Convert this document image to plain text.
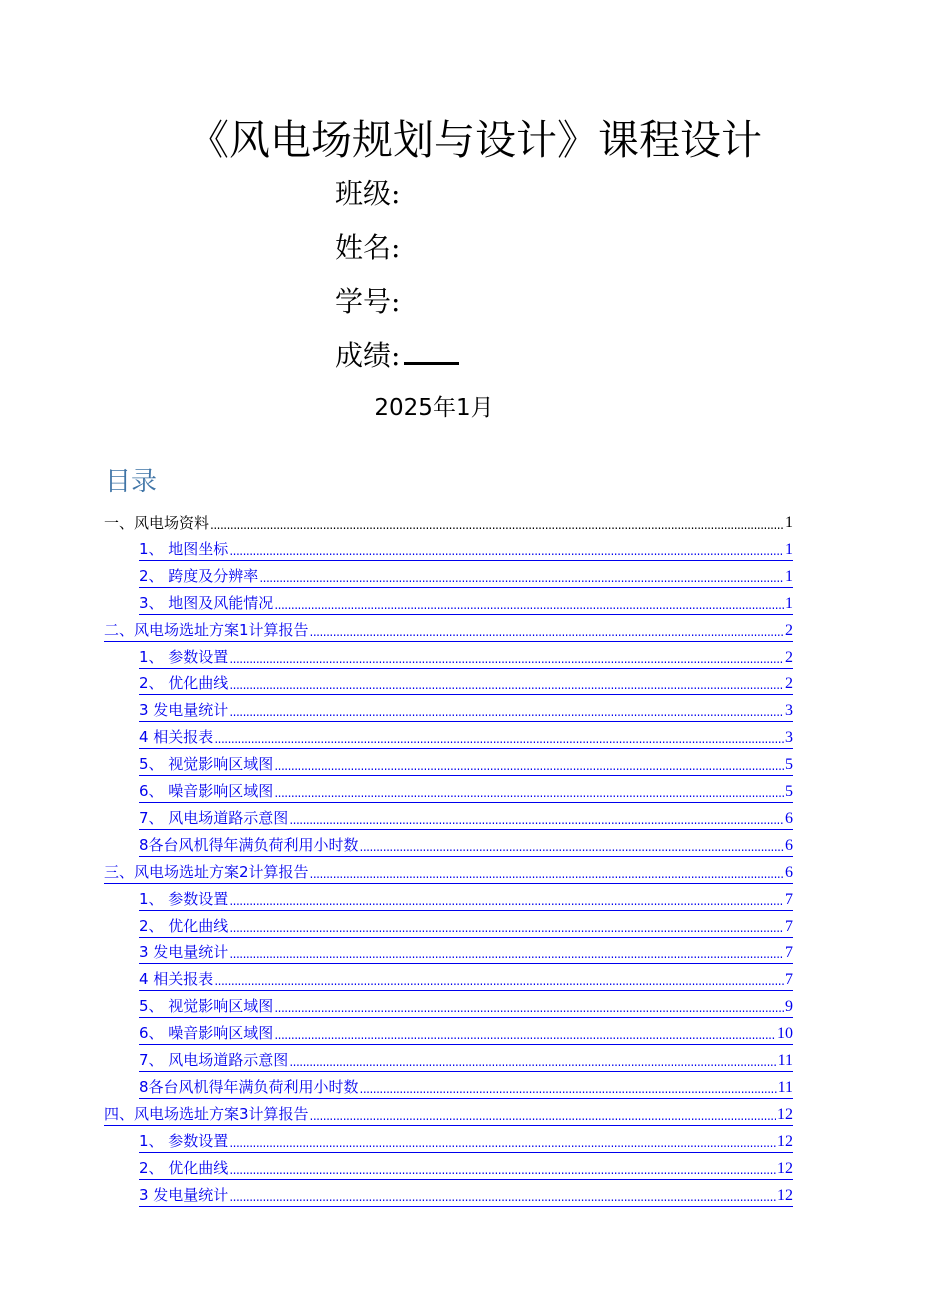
《风电场规划与设计》课程设计
班级:
姓名:
学号:
成绩:
2025年1月
目录
一、风电场资料 .....	1
1、 地图坐标 .....	1
2、 跨度及分辨率 .....	1
3、 地图及风能情况 .....	1
二、风电场选址方案1计算报告 .....	2
1、 参数设置 .....	2
2、 优化曲线 .....	2
3 发电量统计 .....	3
4 相关报表 .....	3
5、 视觉影响区域图 .....	5
6、 噪音影响区域图 .....	5
7、 风电场道路示意图 .....	6
8各台风机得年满负荷利用小时数 .....	6
三、风电场选址方案2计算报告 .....	6
1、 参数设置 .....	7
2、 优化曲线 .....	7
3 发电量统计 .....	7
4 相关报表 .....	7
5、 视觉影响区域图 .....	9
6、 噪音影响区域图 .....	10
7、 风电场道路示意图 .....	11
8各台风机得年满负荷利用小时数 .....	11
四、风电场选址方案3计算报告 .....	12
1、 参数设置 .....	12
2、 优化曲线 .....	12
3 发电量统计 .....	12
